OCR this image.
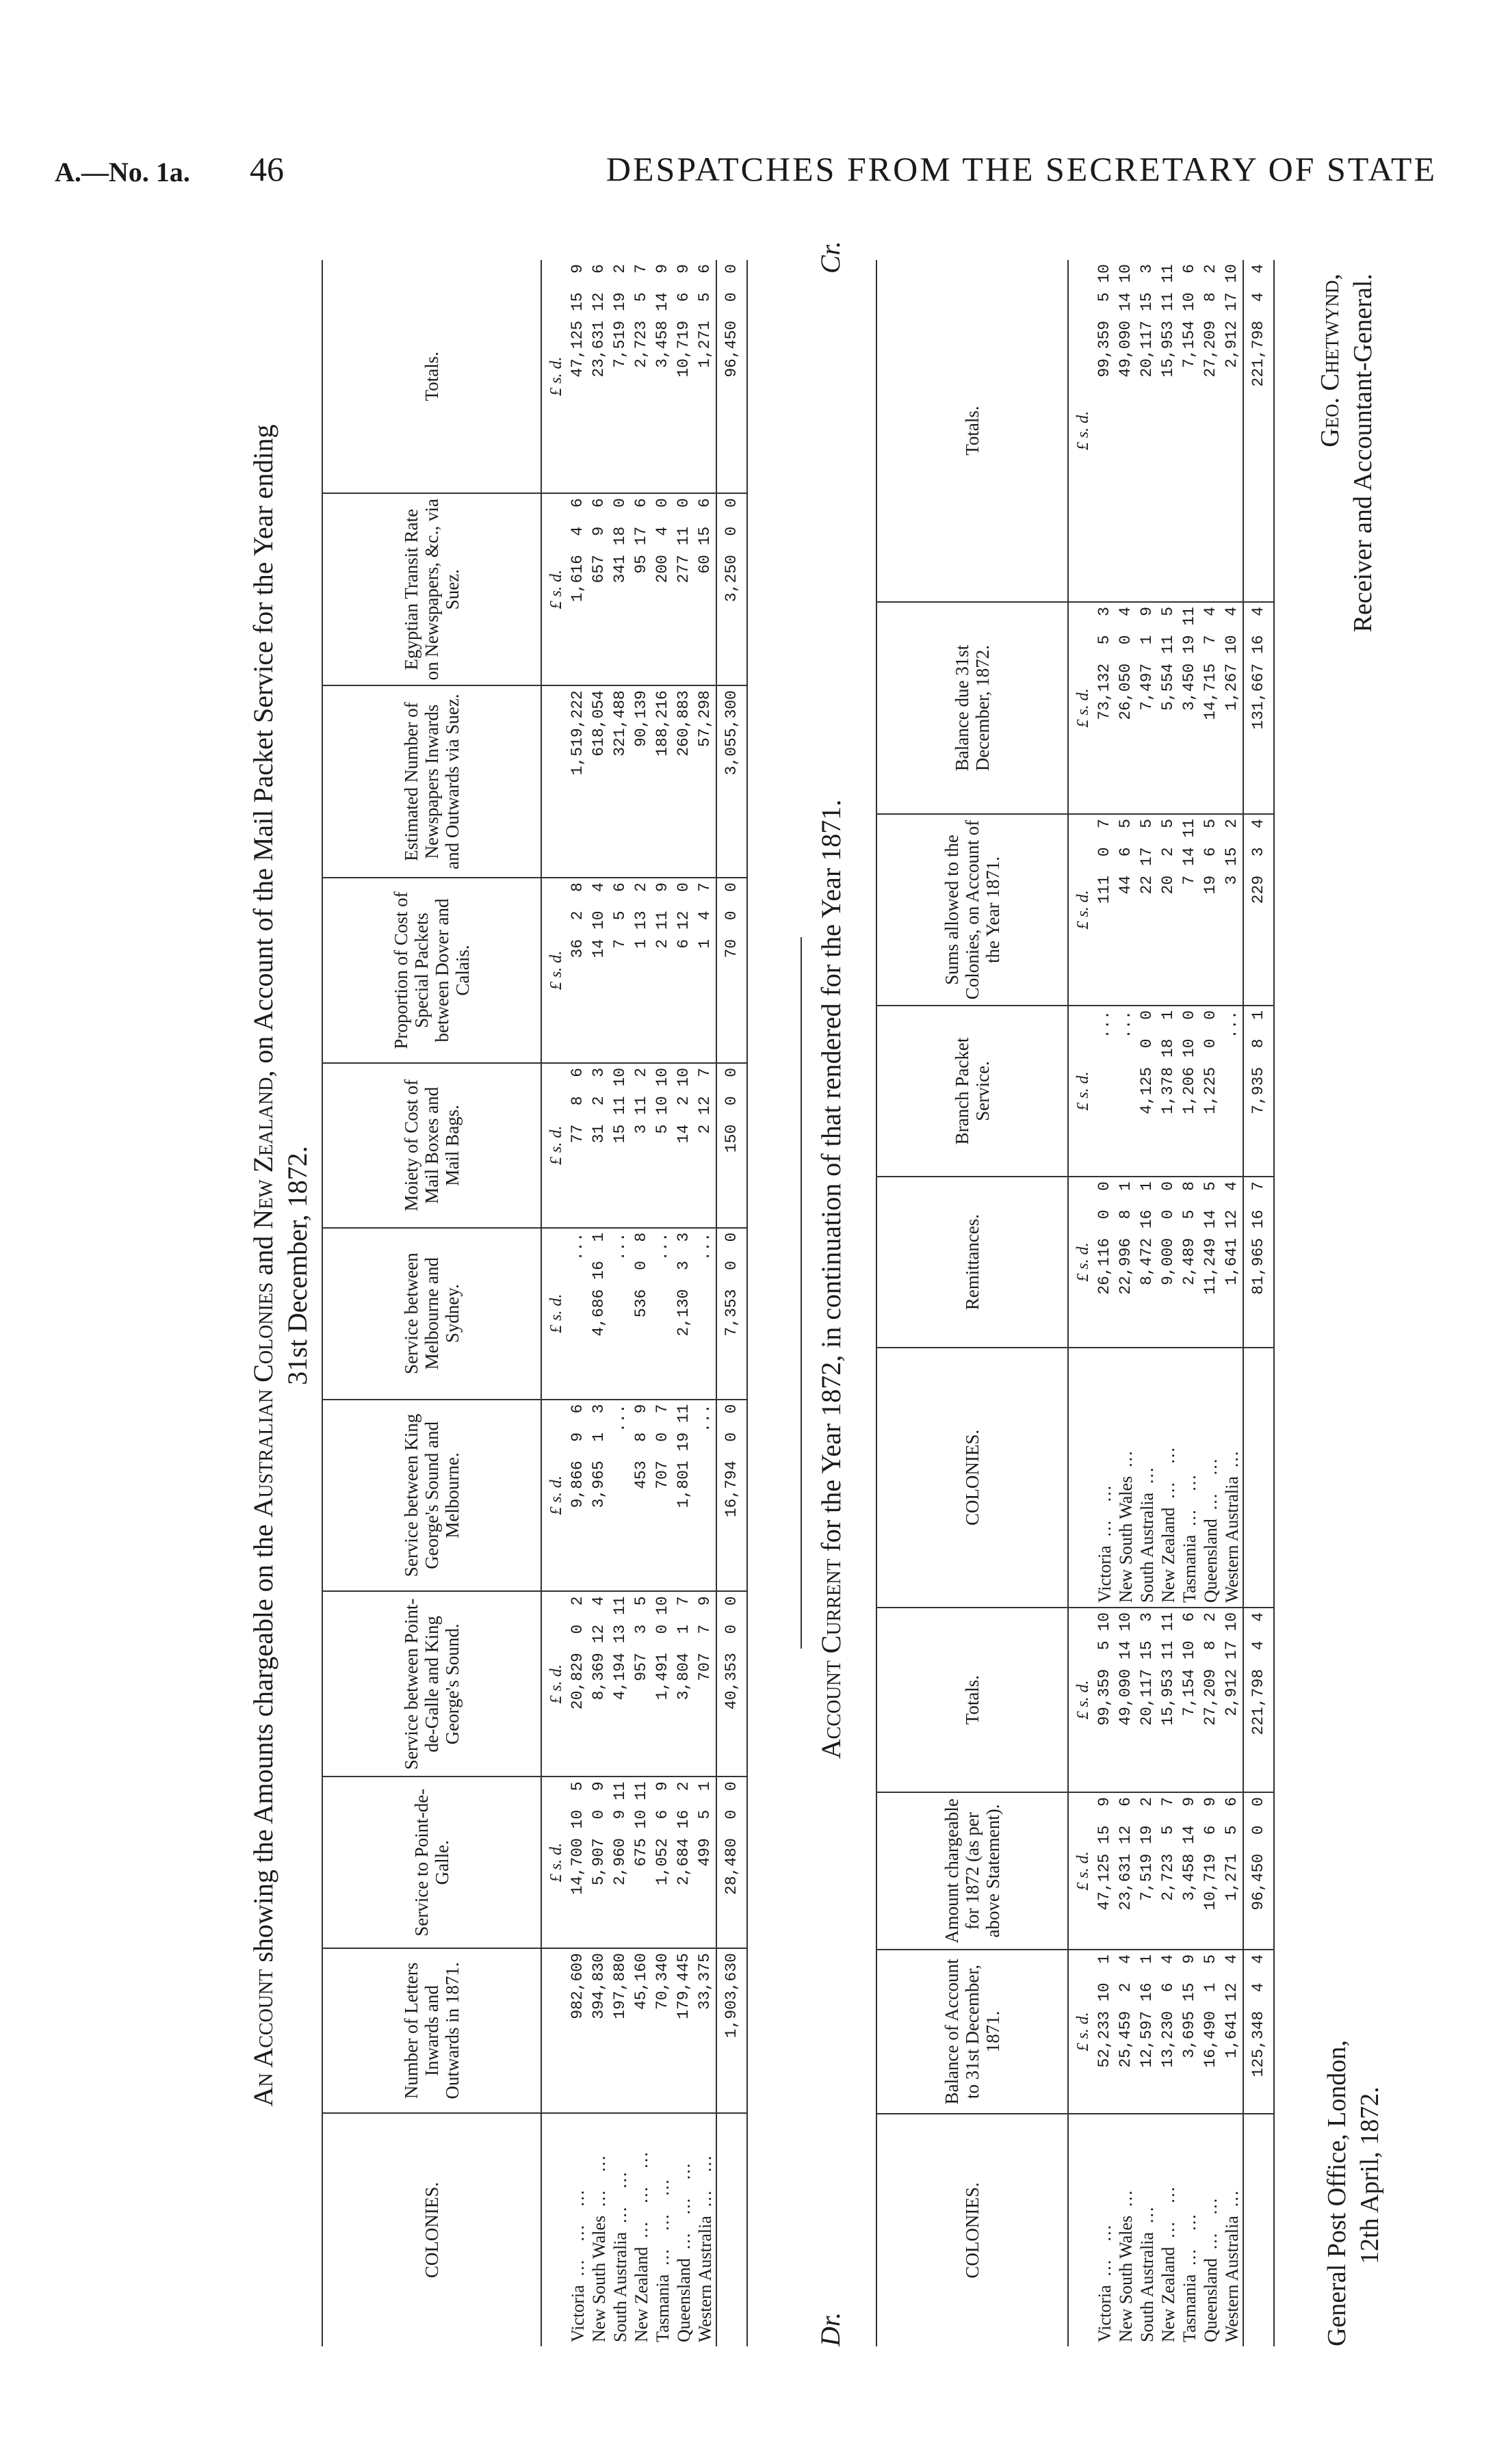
A.—No. 1a. 46	DESPATCHES FROM THE SECRETARY OF STATE
An Account showing the Amounts chargeable on the Australian Colonies and New Zealand, on Account of the Mail Packet Service for the Year ending
31st December, 1872.
COLONIES.	Number of Letters Inwards and Outwards in 1871.	Service to Point-de-Galle.	Service between Point-de-Galle and King George's Sound.	Service between King George's Sound and Melbourne.	Service between Melbourne and Sydney.	Moiety of Cost of Mail Boxes and Mail Bags.	Proportion of Cost of Special Packets between Dover and Calais.	Estimated Number of Newspapers Inwards and Outwards via Suez.	Egyptian Transit Rate on Newspapers, &c., via Suez.	Totals.
		£ s. d.	£ s. d.	£ s. d.	£ s. d.	£ s. d.	£ s. d.		£ s. d.	£ s. d.
Victoria  ...   ...   ...	982,609	14,700 10  5	20,829  0  2	9,866  9  6	...	77  8  6	36  2  8	1,519,222	1,616  4  6	47,125 15  9
New South Wales  ...   ...	394,830	5,907  0  9	8,369 12  4	3,965  1  3	4,686 16  1	31  2  3	14 10  4	618,054	657  9  6	23,631 12  6
South Australia  ...   ...	197,880	2,960  9 11	4,194 13 11	...	...	15 11 10	7  5  6	321,488	341 18  0	7,519 19  2
New Zealand  ...   ...   ...	45,160	675 10 11	957  3  5	453  8  9	536  0  8	3 11  2	1 13  2	90,139	95 17  6	2,723  5  7
Tasmania  ...   ...   ...	70,340	1,052  6  9	1,491  0 10	707  0  7	...	5 10 10	2 11  9	188,216	200  4  0	3,458 14  9
Queensland  ...   ...   ...	179,445	2,684 16  2	3,804  1  7	1,801 19 11	2,130  3  3	14  2 10	6 12  0	260,883	277 11  0	10,719  6  9
Western Australia  ...   ...	33,375	499  5  1	707  7  9	...	...	2 12  7	1  4  7	57,298	60 15  6	1,271  5  6
	1,903,630	28,480  0  0	40,353  0  0	16,794  0  0	7,353  0  0	150  0  0	70  0  0	3,055,300	3,250  0  0	96,450  0  0
Dr.
Account Current for the Year 1872, in continuation of that rendered for the Year 1871.
Cr.
COLONIES.	Balance of Account to 31st December, 1871.	Amount chargeable for 1872 (as per above Statement).	Totals.	COLONIES.	Remittances.	Branch Packet Service.	Sums allowed to the Colonies, on Account of the Year 1871.	Balance due 31st December, 1872.	Totals.
	£ s. d.	£ s. d.	£ s. d.		£ s. d.	£ s. d.	£ s. d.	£ s. d.	£ s. d.
Victoria  ...   ...	52,233 10  1	47,125 15  9	99,359  5 10	Victoria  ...   ...	26,116  0  0	...	111  0  7	73,132  5  3	99,359  5 10
New South Wales  ...	25,459  2  4	23,631 12  6	49,090 14 10	New South Wales  ...	22,996  8  1	...	44  6  5	26,050  0  4	49,090 14 10
South Australia  ...	12,597 16  1	7,519 19  2	20,117 15  3	South Australia  ...	8,472 16  1	4,125  0  0	22 17  5	7,497  1  9	20,117 15  3
New Zealand  ...   ...	13,230  6  4	2,723  5  7	15,953 11 11	New Zealand  ...   ...	9,000  0  0	1,378 18  1	20  2  5	5,554 11  5	15,953 11 11
Tasmania  ...   ...	3,695 15  9	3,458 14  9	7,154 10  6	Tasmania  ...   ...	2,489  5  8	1,206 10  0	7 14 11	3,450 19 11	7,154 10  6
Queensland  ...   ...	16,490  1  5	10,719  6  9	27,209  8  2	Queensland  ...   ...	11,249 14  5	1,225  0  0	19  6  5	14,715  7  4	27,209  8  2
Western Australia  ...	1,641 12  4	1,271  5  6	2,912 17 10	Western Australia  ...	1,641 12  4	...	3 15  2	1,267 10  4	2,912 17 10
	125,348  4  4	96,450  0  0	221,798  4  4		81,965 16  7	7,935  8  1	229  3  4	131,667 16  4	221,798  4  4
General Post Office, London, 12th April, 1872.
Geo. Chetwynd, Receiver and Accountant-General.
